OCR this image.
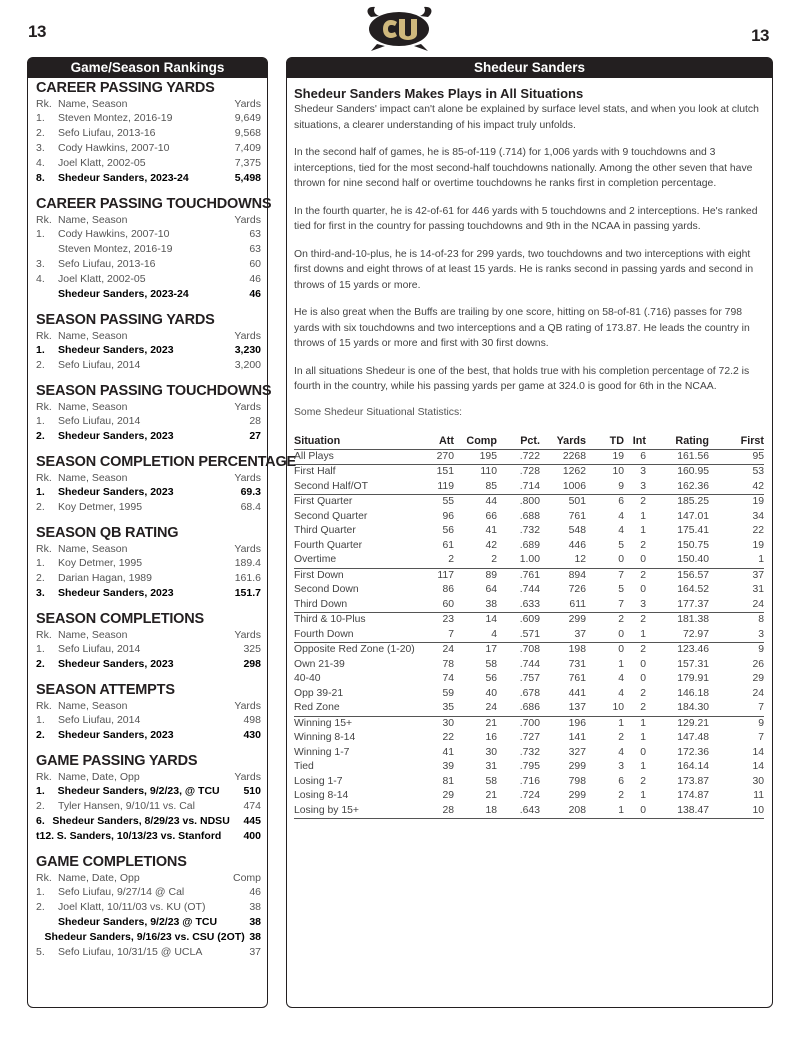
13	13
Game/Season Rankings
CAREER PASSING YARDS
Rk. Name, Season	Yards
1.	Steven Montez, 2016-19	9,649
2.	Sefo Liufau, 2013-16	9,568
3.	Cody Hawkins, 2007-10	7,409
4.	Joel Klatt, 2002-05	7,375
8.	Shedeur Sanders, 2023-24	5,498
CAREER PASSING TOUCHDOWNS
Rk. Name, Season	Yards
1.	Cody Hawkins, 2007-10	63
Steven Montez, 2016-19	63
3.	Sefo Liufau, 2013-16	60
4.	Joel Klatt, 2002-05	46
Shedeur Sanders, 2023-24	46
SEASON PASSING YARDS
Rk. Name, Season	Yards
1.	Shedeur Sanders, 2023	3,230
2.	Sefo Liufau, 2014	3,200
SEASON PASSING TOUCHDOWNS
Rk. Name, Season	Yards
1.	Sefo Liufau, 2014	28
2.	Shedeur Sanders, 2023	27
SEASON COMPLETION PERCENTAGE
Rk. Name, Season	Yards
1.	Shedeur Sanders, 2023	69.3
2.	Koy Detmer, 1995	68.4
SEASON QB RATING
Rk. Name, Season	Yards
1.	Koy Detmer, 1995	189.4
2.	Darian Hagan, 1989	161.6
3.	Shedeur Sanders, 2023	151.7
SEASON COMPLETIONS
Rk. Name, Season	Yards
1.	Sefo Liufau, 2014	325
2.	Shedeur Sanders, 2023	298
SEASON ATTEMPTS
Rk. Name, Season	Yards
1.	Sefo Liufau, 2014	498
2.	Shedeur Sanders, 2023	430
GAME PASSING YARDS
Rk. Name, Date, Opp	Yards
1.	Shedeur Sanders, 9/2/23, @ TCU	510
2.	Tyler Hansen, 9/10/11 vs. Cal	474
6. Shedeur Sanders, 8/29/23 vs. NDSU	445
t12. S. Sanders, 10/13/23 vs. Stanford	400
GAME COMPLETIONS
Rk. Name, Date, Opp	Comp
1.	Sefo Liufau, 9/27/14 @ Cal	46
2.	Joel Klatt, 10/11/03 vs. KU (OT)	38
Shedeur Sanders, 9/2/23 @ TCU	38
Shedeur Sanders, 9/16/23 vs. CSU (2OT) 38
5.	Sefo Liufau, 10/31/15 @ UCLA	37
Shedeur Sanders
Shedeur Sanders Makes Plays in All Situations
Shedeur Sanders' impact can't alone be explained by surface level stats, and when you look at clutch situations, a clearer understanding of his impact truly unfolds.
In the second half of games, he is 85-of-119 (.714) for 1,006 yards with 9 touchdowns and 3 interceptions, tied for the most second-half touchdowns nationally. Among the other seven that have thrown for nine second half or overtime touchdowns he ranks first in completion percentage.
In the fourth quarter, he is 42-of-61 for 446 yards with 5 touchdowns and 2 interceptions. He's ranked tied for first in the country for passing touchdowns and 9th in the NCAA in passing yards.
On third-and-10-plus, he is 14-of-23 for 299 yards, two touchdowns and two interceptions with eight first downs and eight throws of at least 15 yards. He is ranks second in passing yards and second in throws of 15 yards or more.
He is also great when the Buffs are trailing by one score, hitting on 58-of-81 (.716) passes for 798 yards with six touchdowns and two interceptions and a QB rating of 173.87. He leads the country in throws of 15 yards or more and first with 30 first downs.
In all situations Shedeur is one of the best, that holds true with his completion percentage of 72.2 is fourth in the country, while his passing yards per game at 324.0 is good for 6th in the NCAA.
Some Shedeur Situational Statistics:
Situation	Att	Comp	Pct.	Yards	TD	Int	Rating	First
All Plays	270	195	.722	2268	19	6	161.56	95
First Half	151	110	.728	1262	10	3	160.95	53
Second Half/OT	119	85	.714	1006	9	3	162.36	42
First Quarter	55	44	.800	501	6	2	185.25	19
Second Quarter	96	66	.688	761	4	1	147.01	34
Third Quarter	56	41	.732	548	4	1	175.41	22
Fourth Quarter	61	42	.689	446	5	2	150.75	19
Overtime	2	2	1.00	12	0	0	150.40	1
First Down	117	89	.761	894	7	2	156.57	37
Second Down	86	64	.744	726	5	0	164.52	31
Third Down	60	38	.633	611	7	3	177.37	24
Third & 10-Plus	23	14	.609	299	2	2	181.38	8
Fourth Down	7	4	.571	37	0	1	72.97	3
Opposite Red Zone (1-20)	24	17	.708	198	0	2	123.46	9
Own 21-39	78	58	.744	731	1	0	157.31	26
40-40	74	56	.757	761	4	0	179.91	29
Opp 39-21	59	40	.678	441	4	2	146.18	24
Red Zone	35	24	.686	137	10	2	184.30	7
Winning 15+	30	21	.700	196	1	1	129.21	9
Winning 8-14	22	16	.727	141	2	1	147.48	7
Winning 1-7	41	30	.732	327	4	0	172.36	14
Tied	39	31	.795	299	3	1	164.14	14
Losing 1-7	81	58	.716	798	6	2	173.87	30
Losing 8-14	29	21	.724	299	2	1	174.87	11
Losing by 15+	28	18	.643	208	1	0	138.47	10
